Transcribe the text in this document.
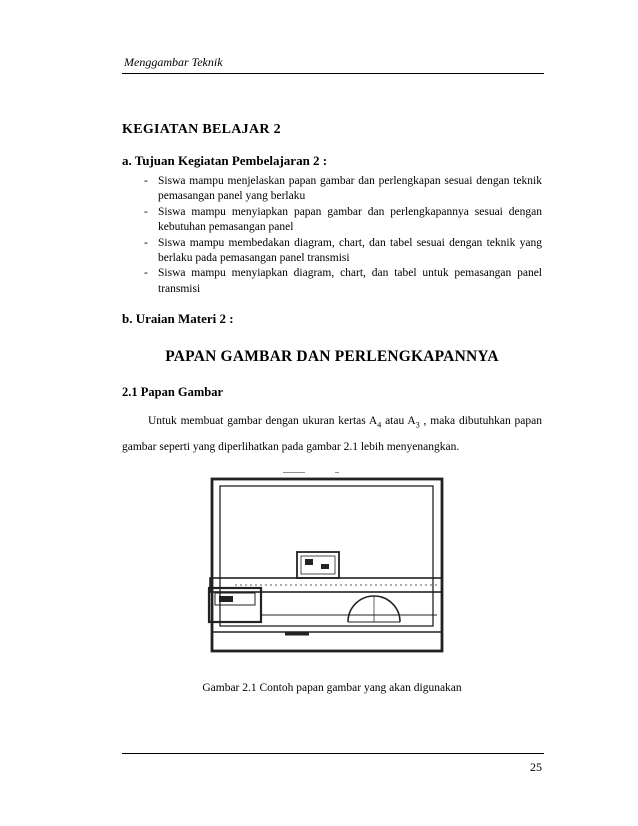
Menggambar Teknik
KEGIATAN BELAJAR 2
a. Tujuan Kegiatan Pembelajaran 2 :
- Siswa mampu menjelaskan papan gambar dan perlengkapan sesuai dengan teknik pemasangan panel yang berlaku
- Siswa mampu menyiapkan papan gambar dan perlengkapannya sesuai dengan kebutuhan pemasangan panel
- Siswa mampu membedakan diagram, chart, dan tabel sesuai dengan teknik yang berlaku pada pemasangan panel transmisi
- Siswa mampu menyiapkan diagram, chart, dan tabel untuk pemasangan panel transmisi
b. Uraian Materi 2 :
PAPAN GAMBAR DAN PERLENGKAPANNYA
2.1 Papan Gambar
Untuk membuat gambar dengan ukuran kertas $A_4$ atau $A_3$ , maka dibutuhkan papan gambar seperti yang diperlihatkan pada gambar 2.1 lebih menyenangkan.
Gambar 2.1 Contoh papan gambar yang akan digunakan
25
